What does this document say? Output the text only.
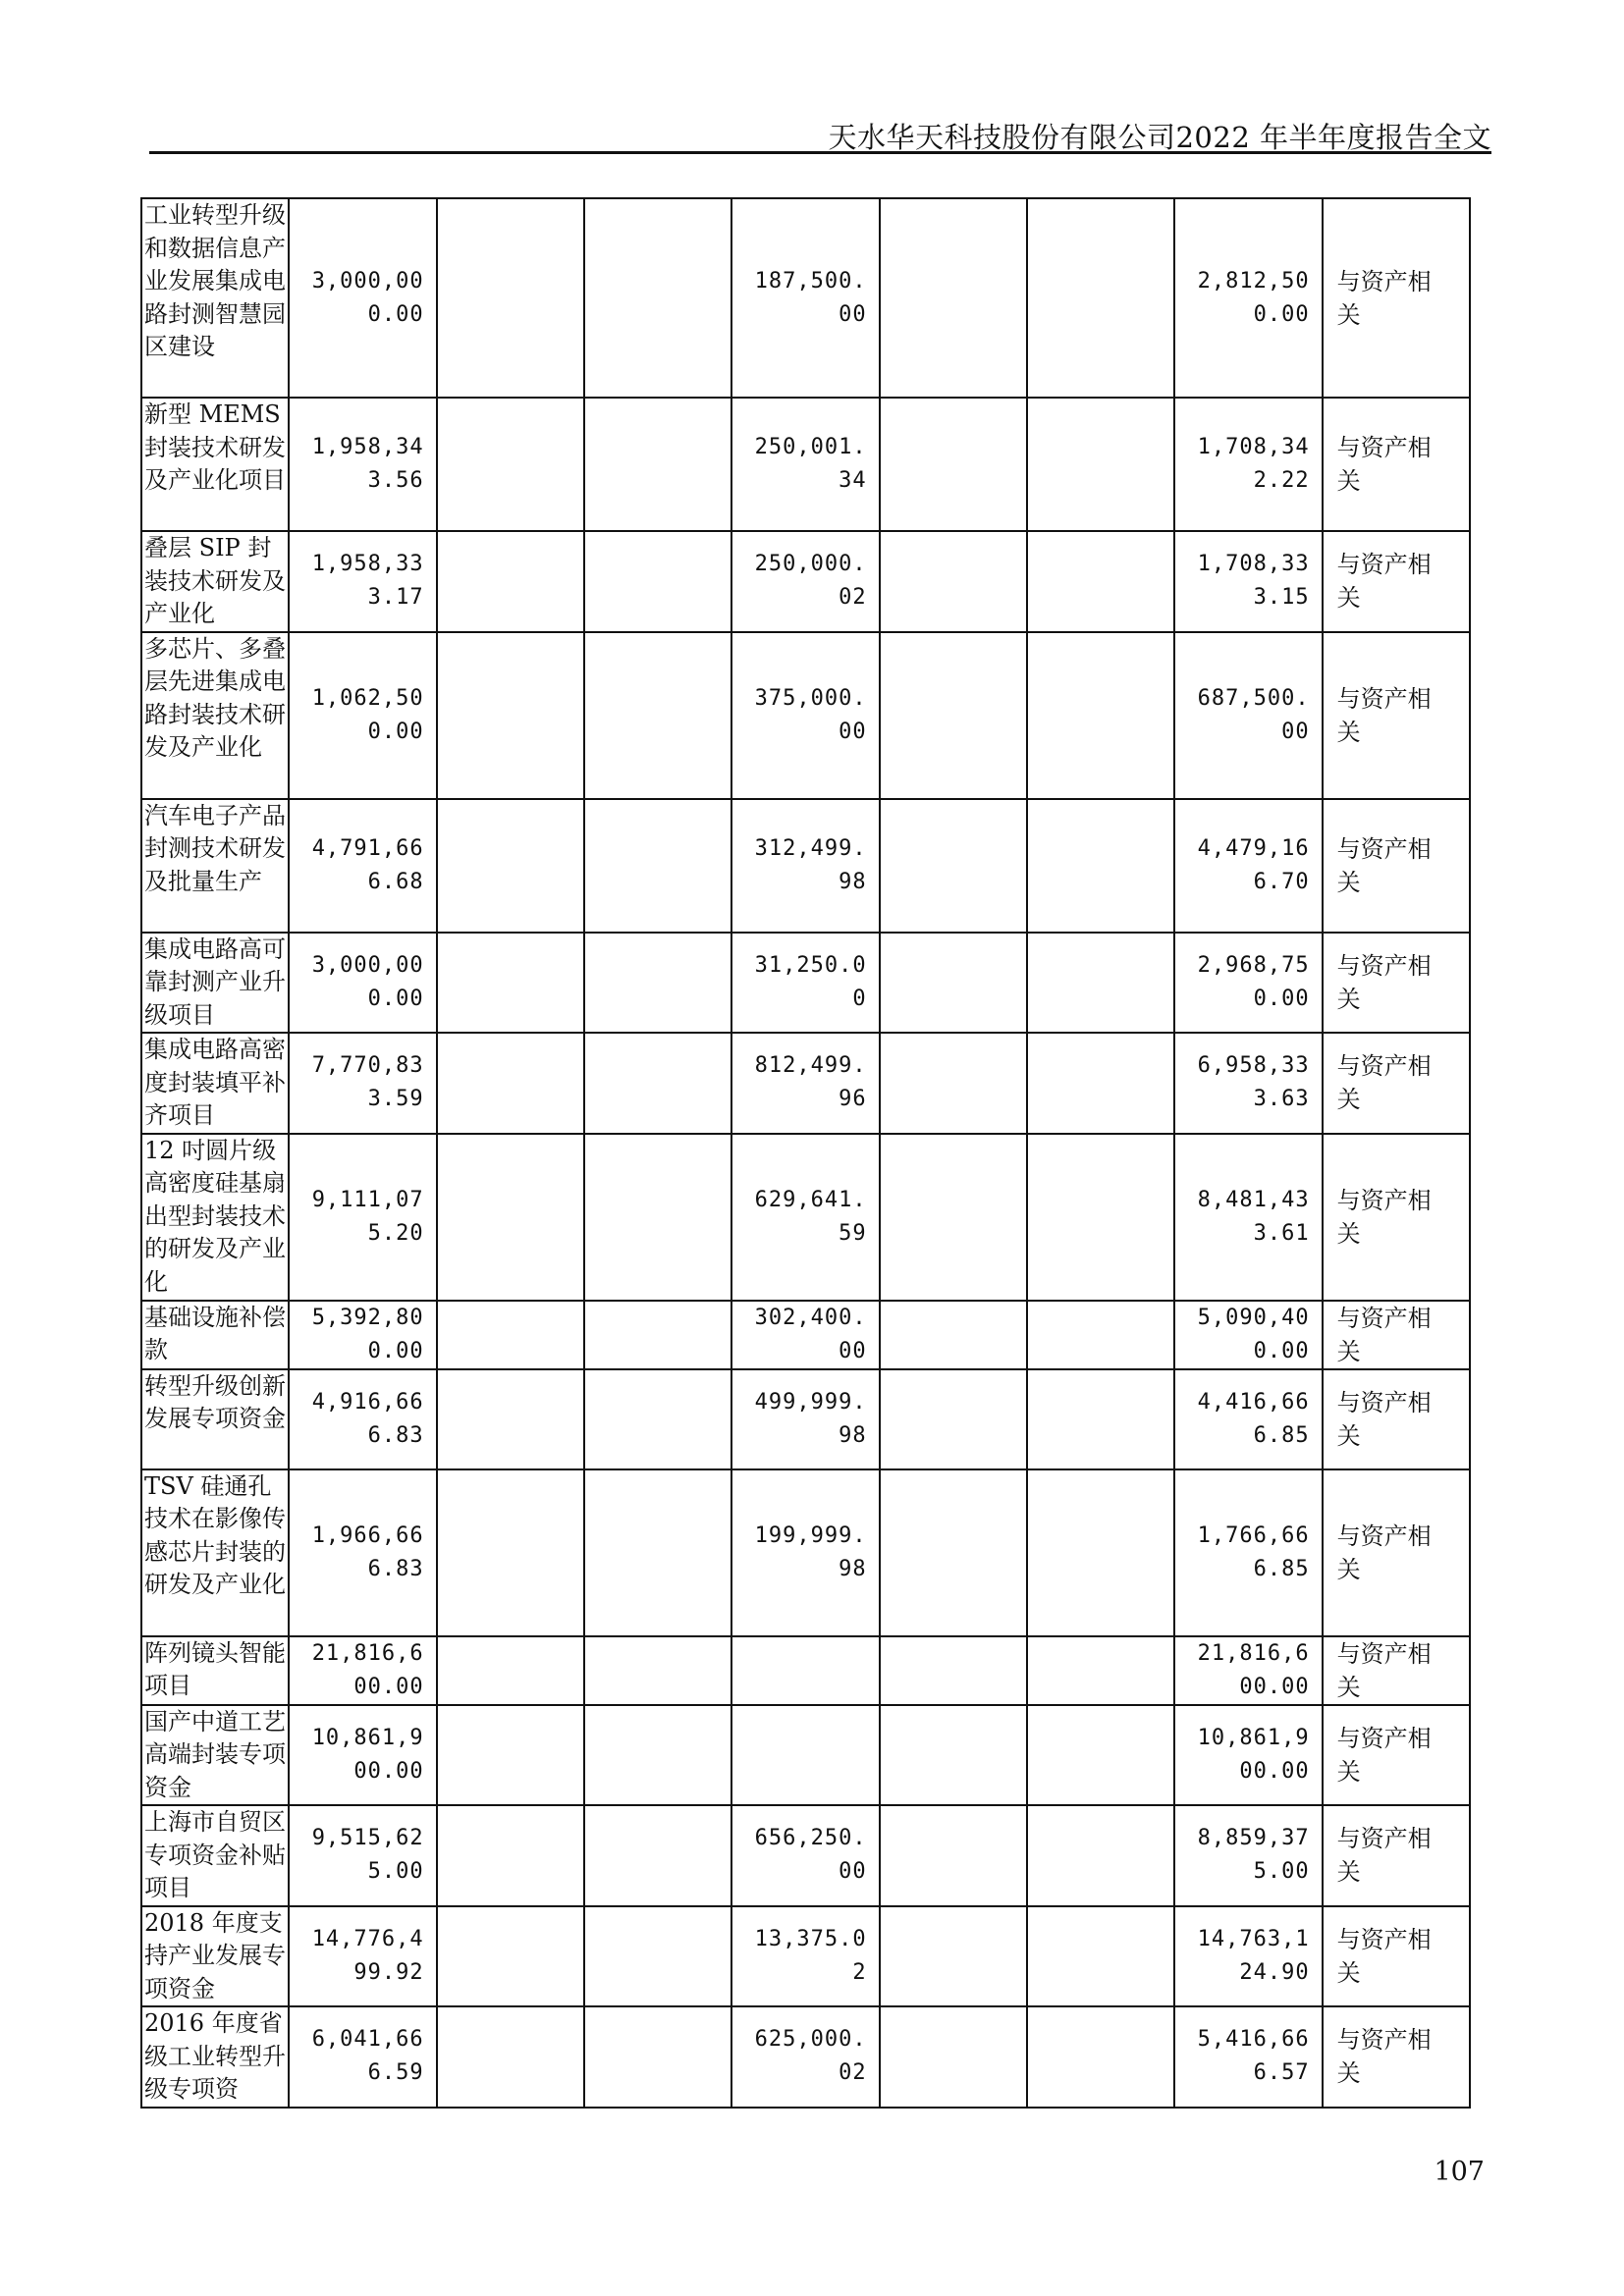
天水华天科技股份有限公司2022 年半年度报告全文
工业转型升级和数据信息产业发展集成电路封测智慧园区建设	3,000,000.00			187,500.00			2,812,500.00	与资产相关
新型 MEMS 封装技术研发及产业化项目	1,958,343.56			250,001.34			1,708,342.22	与资产相关
叠层 SIP 封装技术研发及产业化	1,958,333.17			250,000.02			1,708,333.15	与资产相关
多芯片、多叠层先进集成电路封装技术研发及产业化	1,062,500.00			375,000.00			687,500.00	与资产相关
汽车电子产品封测技术研发及批量生产	4,791,666.68			312,499.98			4,479,166.70	与资产相关
集成电路高可靠封测产业升级项目	3,000,000.00			31,250.00			2,968,750.00	与资产相关
集成电路高密度封装填平补齐项目	7,770,833.59			812,499.96			6,958,333.63	与资产相关
12 吋圆片级高密度硅基扇出型封装技术的研发及产业化	9,111,075.20			629,641.59			8,481,433.61	与资产相关
基础设施补偿款	5,392,800.00			302,400.00			5,090,400.00	与资产相关
转型升级创新发展专项资金	4,916,666.83			499,999.98			4,416,666.85	与资产相关
TSV 硅通孔技术在影像传感芯片封装的研发及产业化	1,966,666.83			199,999.98			1,766,666.85	与资产相关
阵列镜头智能项目	21,816,600.00						21,816,600.00	与资产相关
国产中道工艺高端封装专项资金	10,861,900.00						10,861,900.00	与资产相关
上海市自贸区专项资金补贴项目	9,515,625.00			656,250.00			8,859,375.00	与资产相关
2018 年度支持产业发展专项资金	14,776,499.92			13,375.02			14,763,124.90	与资产相关
2016 年度省级工业转型升级专项资	6,041,666.59			625,000.02			5,416,666.57	与资产相关
107
